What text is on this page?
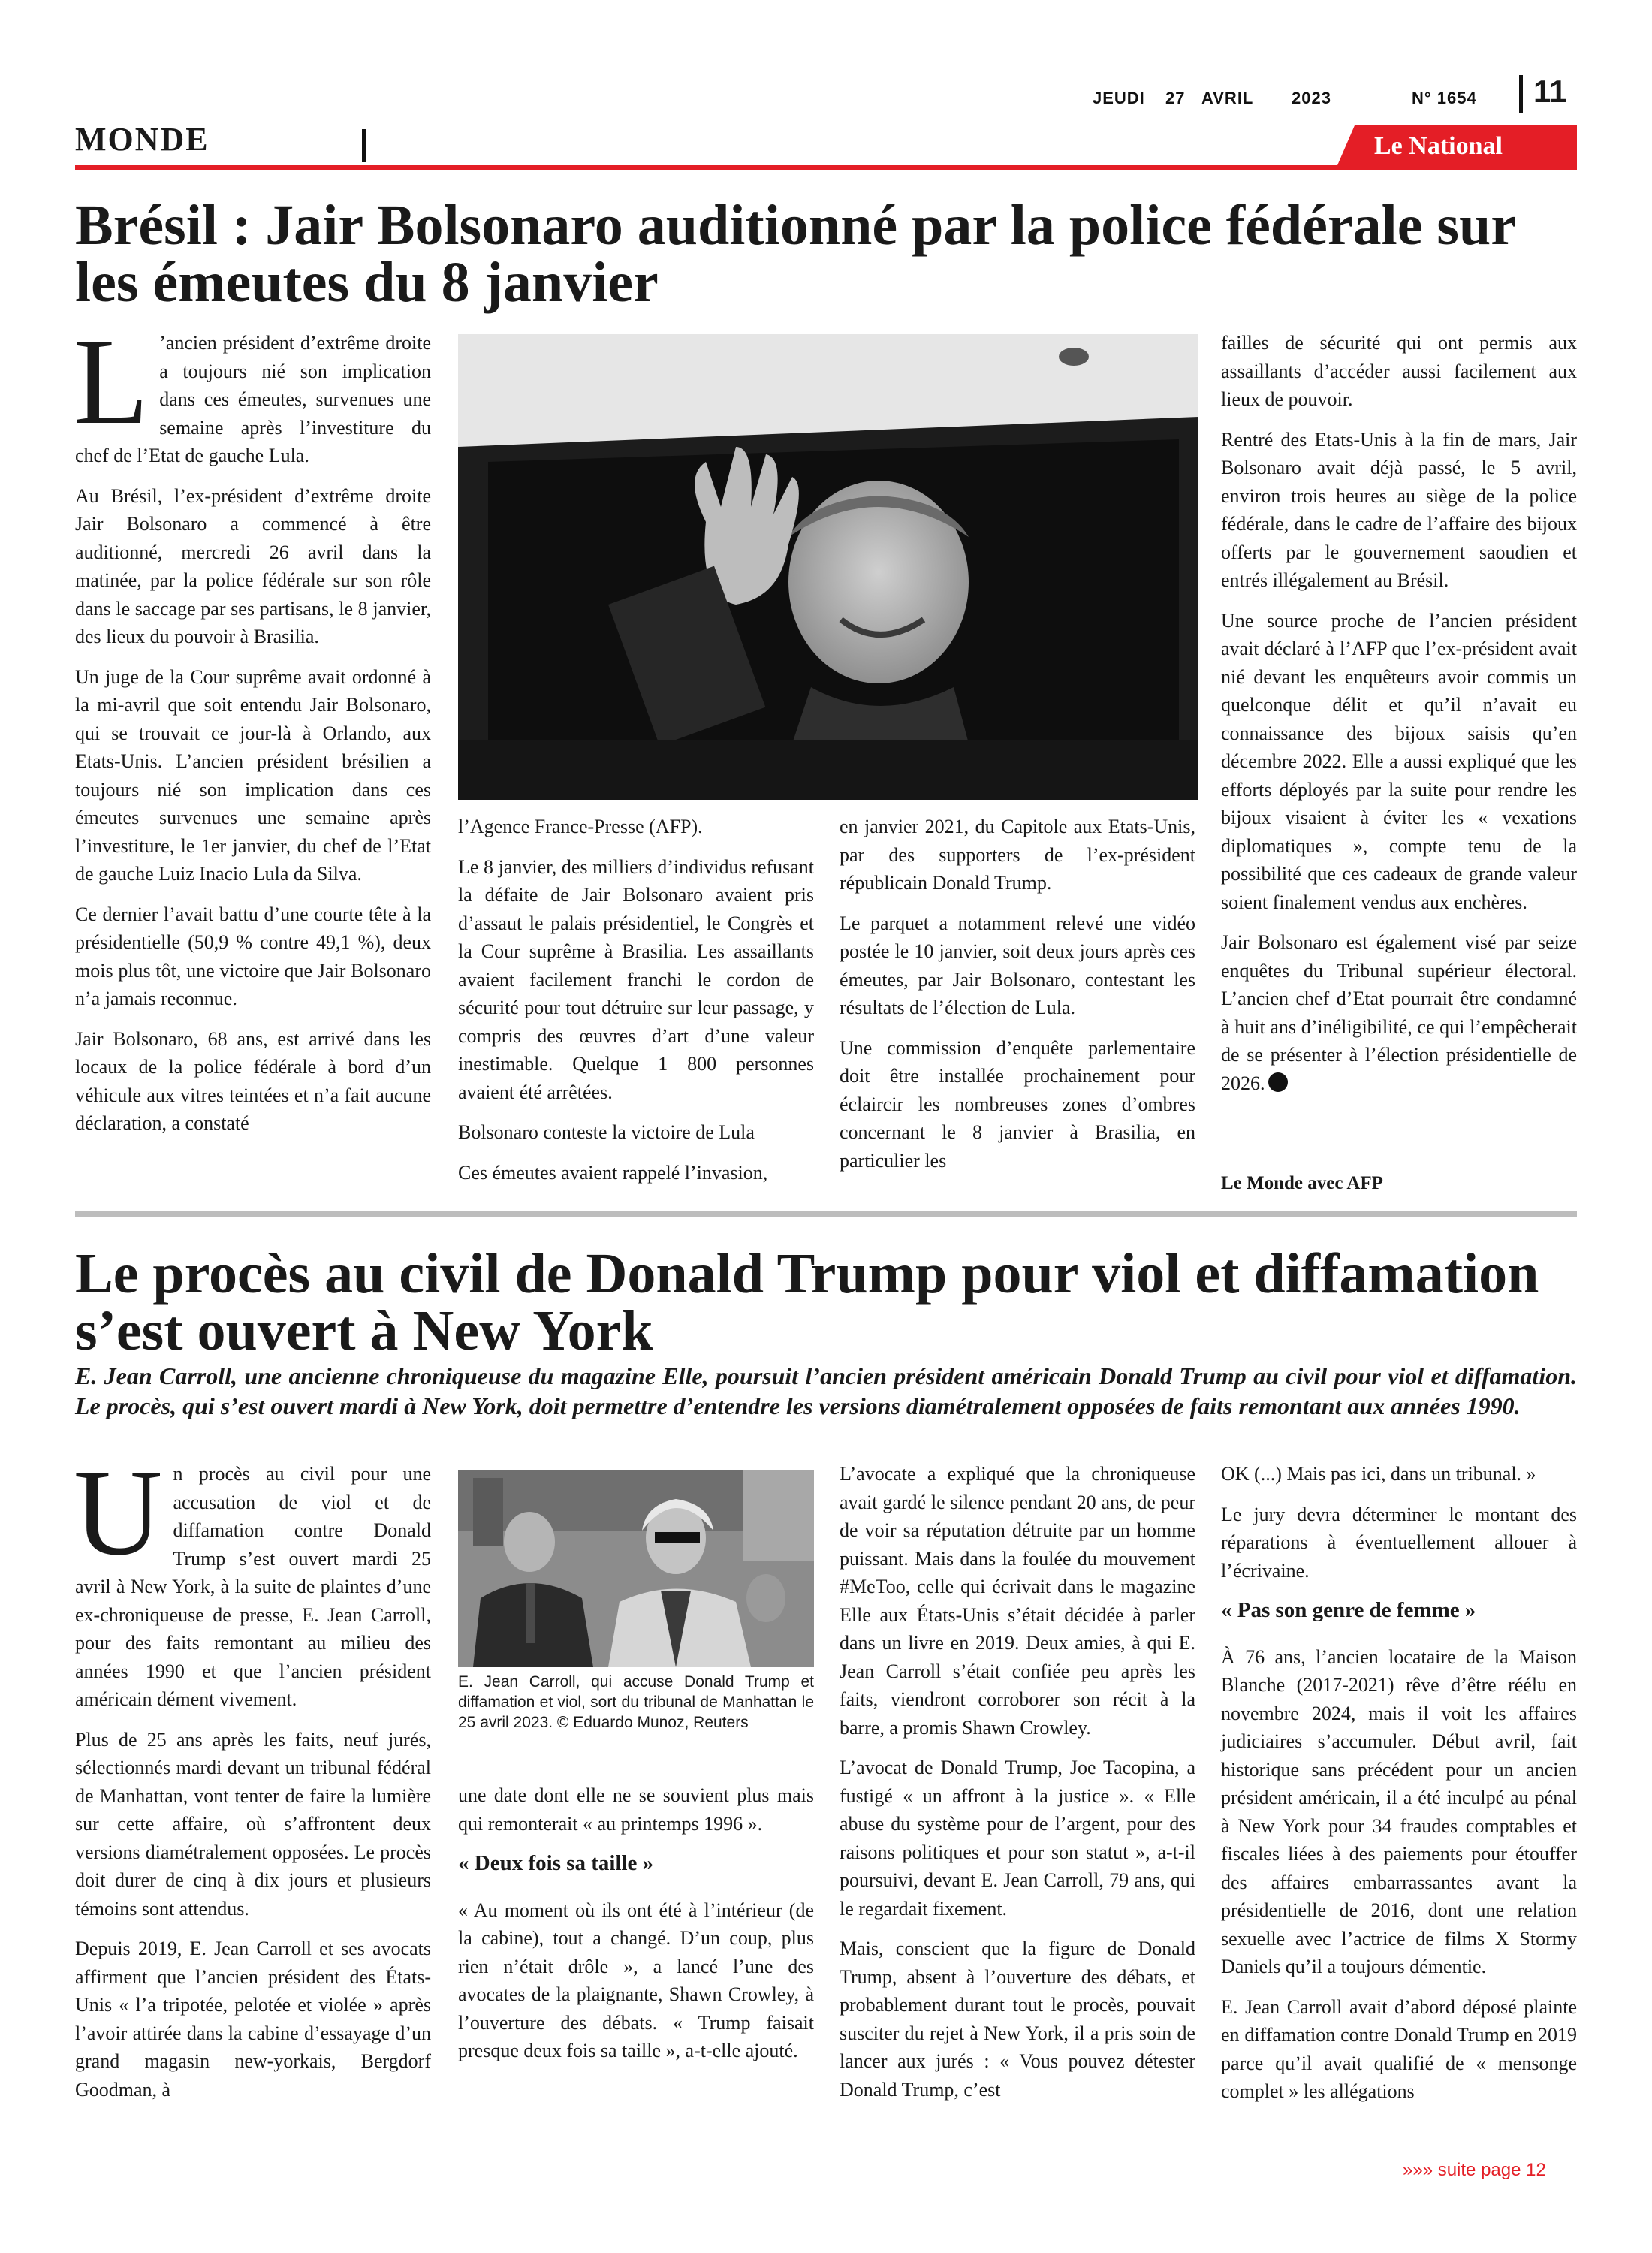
JEUDI 27 AVRIL 2023	N° 1654 11
MONDE	Le National
Brésil : Jair Bolsonaro auditionné par la police fédérale sur les émeutes du 8 janvier
L ’ancien président d’extrême droite a toujours nié son implication dans ces émeutes, survenues une semaine après l’investiture du chef de l’Etat de gauche Lula.

Au Brésil, l’ex-président d’extrême droite Jair Bolsonaro a commencé à être auditionné, mercredi 26 avril dans la matinée, par la police fédérale sur son rôle dans le saccage par ses partisans, le 8 janvier, des lieux du pouvoir à Brasilia.

Un juge de la Cour suprême avait ordonné à la mi-avril que soit entendu Jair Bolsonaro, qui se trouvait ce jour-là à Orlando, aux Etats-Unis. L’ancien président brésilien a toujours nié son implication dans ces émeutes survenues une semaine après l’investiture, le 1er janvier, du chef de l’Etat de gauche Luiz Inacio Lula da Silva.

Ce dernier l’avait battu d’une courte tête à la présidentielle (50,9 % contre 49,1 %), deux mois plus tôt, une victoire que Jair Bolsonaro n’a jamais reconnue.

Jair Bolsonaro, 68 ans, est arrivé dans les locaux de la police fédérale à bord d’un véhicule aux vitres teintées et n’a fait aucune déclaration, a constaté

l’Agence France-Presse (AFP).

Le 8 janvier, des milliers d’individus refusant la défaite de Jair Bolsonaro avaient pris d’assaut le palais présidentiel, le Congrès et la Cour suprême à Brasilia. Les assaillants avaient facilement franchi le cordon de sécurité pour tout détruire sur leur passage, y compris des œuvres d’art d’une valeur inestimable. Quelque 1 800 personnes avaient été arrêtées.

Bolsonaro conteste la victoire de Lula

Ces émeutes avaient rappelé l’invasion,

en janvier 2021, du Capitole aux Etats-Unis, par des supporters de l’ex-président républicain Donald Trump.

Le parquet a notamment relevé une vidéo postée le 10 janvier, soit deux jours après ces émeutes, par Jair Bolsonaro, contestant les résultats de l’élection de Lula.

Une commission d’enquête parlementaire doit être installée prochainement pour éclaircir les nombreuses zones d’ombres concernant le 8 janvier à Brasilia, en particulier les

failles de sécurité qui ont permis aux assaillants d’accéder aussi facilement aux lieux de pouvoir.

Rentré des Etats-Unis à la fin de mars, Jair Bolsonaro avait déjà passé, le 5 avril, environ trois heures au siège de la police fédérale, dans le cadre de l’affaire des bijoux offerts par le gouvernement saoudien et entrés illégalement au Brésil.

Une source proche de l’ancien président avait déclaré à l’AFP que l’ex-président avait nié devant les enquêteurs avoir commis un quelconque délit et qu’il n’avait eu connaissance des bijoux saisis qu’en décembre 2022. Elle a aussi expliqué que les efforts déployés par la suite pour rendre les bijoux visaient à éviter les « vexations diplomatiques », compte tenu de la possibilité que ces cadeaux de grande valeur soient finalement vendus aux enchères.

Jair Bolsonaro est également visé par seize enquêtes du Tribunal supérieur électoral. L’ancien chef d’Etat pourrait être condamné à huit ans d’inéligibilité, ce qui l’empêcherait de se présenter à l’élection présidentielle de 2026.

Le Monde avec AFP
Le procès au civil de Donald Trump pour viol et diffamation s’est ouvert à New York
E. Jean Carroll, une ancienne chroniqueuse du magazine Elle, poursuit l’ancien président américain Donald Trump au civil pour viol et diffamation. Le procès, qui s’est ouvert mardi à New York, doit permettre d’entendre les versions diamétralement opposées de faits remontant aux années 1990.
U n procès au civil pour une accusation de viol et de diffamation contre Donald Trump s’est ouvert mardi 25 avril à New York, à la suite de plaintes d’une ex-chroniqueuse de presse, E. Jean Carroll, pour des faits remontant au milieu des années 1990 et que l’ancien président américain dément vivement.

Plus de 25 ans après les faits, neuf jurés, sélectionnés mardi devant un tribunal fédéral de Manhattan, vont tenter de faire la lumière sur cette affaire, où s’affrontent deux versions diamétralement opposées. Le procès doit durer de cinq à dix jours et plusieurs témoins sont attendus.

Depuis 2019, E. Jean Carroll et ses avocats affirment que l’ancien président des États-Unis « l’a tripotée, pelotée et violée » après l’avoir attirée dans la cabine d’essayage d’un grand magasin new-yorkais, Bergdorf Goodman, à

E. Jean Carroll, qui accuse Donald Trump et diffamation et viol, sort du tribunal de Manhattan le 25 avril 2023. © Eduardo Munoz, Reuters

une date dont elle ne se souvient plus mais qui remonterait « au printemps 1996 ».

« Deux fois sa taille »

« Au moment où ils ont été à l’intérieur (de la cabine), tout a changé. D’un coup, plus rien n’était drôle », a lancé l’une des avocates de la plaignante, Shawn Crowley, à l’ouverture des débats. « Trump faisait presque deux fois sa taille », a-t-elle ajouté.

L’avocate a expliqué que la chroniqueuse avait gardé le silence pendant 20 ans, de peur de voir sa réputation détruite par un homme puissant. Mais dans la foulée du mouvement #MeToo, celle qui écrivait dans le magazine Elle aux États-Unis s’était décidée à parler dans un livre en 2019. Deux amies, à qui E. Jean Carroll s’était confiée peu après les faits, viendront corroborer son récit à la barre, a promis Shawn Crowley.

L’avocat de Donald Trump, Joe Tacopina, a fustigé « un affront à la justice ». « Elle abuse du système pour de l’argent, pour des raisons politiques et pour son statut », a-t-il poursuivi, devant E. Jean Carroll, 79 ans, qui le regardait fixement.

Mais, conscient que la figure de Donald Trump, absent à l’ouverture des débats, et probablement durant tout le procès, pouvait susciter du rejet à New York, il a pris soin de lancer aux jurés : « Vous pouvez détester Donald Trump, c’est

OK (...) Mais pas ici, dans un tribunal. »

Le jury devra déterminer le montant des réparations à éventuellement allouer à l’écrivaine.

« Pas son genre de femme »

À 76 ans, l’ancien locataire de la Maison Blanche (2017-2021) rêve d’être réélu en novembre 2024, mais il voit les affaires judiciaires s’accumuler. Début avril, fait historique sans précédent pour un ancien président américain, il a été inculpé au pénal à New York pour 34 fraudes comptables et fiscales liées à des paiements pour étouffer des affaires embarrassantes avant la présidentielle de 2016, dont une relation sexuelle avec l’actrice de films X Stormy Daniels qu’il a toujours démentie.

E. Jean Carroll avait d’abord déposé plainte en diffamation contre Donald Trump en 2019 parce qu’il avait qualifié de « mensonge complet » les allégations

»»» suite page 12
